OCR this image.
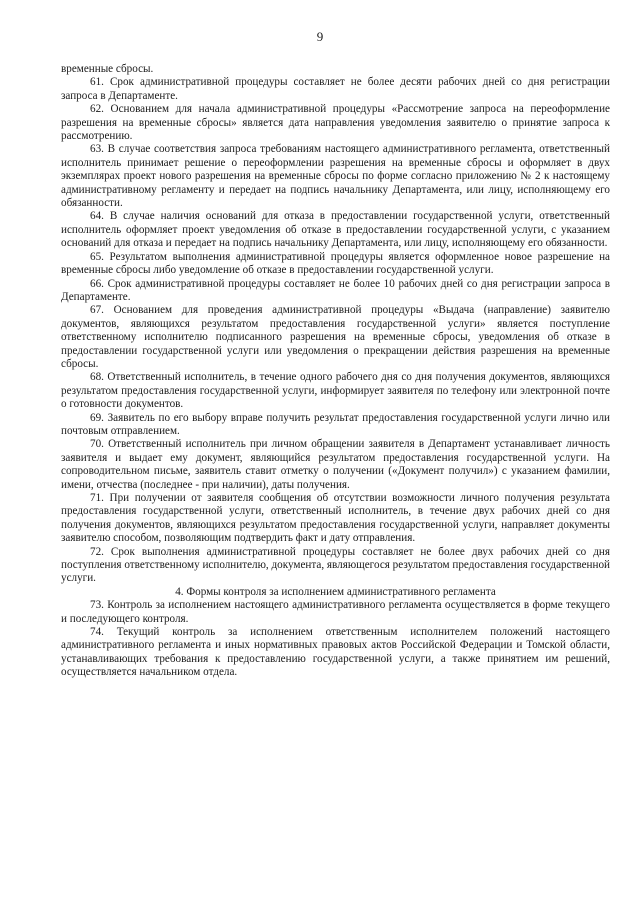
9

временные сбросы.

61. Срок административной процедуры составляет не более десяти рабочих дней со дня регистрации запроса в Департаменте.

62. Основанием для начала административной процедуры «Рассмотрение запроса на переоформление разрешения на временные сбросы» является дата направления уведомления заявителю о принятие запроса к рассмотрению.

63. В случае соответствия запроса требованиям настоящего административного регламента, ответственный исполнитель принимает решение о переоформлении разрешения на временные сбросы и оформляет в двух экземплярах проект нового разрешения на временные сбросы по форме согласно приложению № 2 к настоящему административному регламенту и передает на подпись начальнику Департамента, или лицу, исполняющему его обязанности.

64. В случае наличия оснований для отказа в предоставлении государственной услуги, ответственный исполнитель оформляет проект уведомления об отказе в предоставлении государственной услуги, с указанием оснований для отказа и передает на подпись начальнику Департамента, или лицу, исполняющему его обязанности.

65. Результатом выполнения административной процедуры является оформленное новое разрешение на временные сбросы либо уведомление об отказе в предоставлении государственной услуги.

66. Срок административной процедуры составляет не более 10 рабочих дней со дня регистрации запроса в Департаменте.

67. Основанием для проведения административной процедуры «Выдача (направление) заявителю документов, являющихся результатом предоставления государственной услуги» является поступление ответственному исполнителю подписанного разрешения на временные сбросы, уведомления об отказе в предоставлении государственной услуги или уведомления о прекращении действия разрешения на временные сбросы.

68. Ответственный исполнитель, в течение одного рабочего дня со дня получения документов, являющихся результатом предоставления государственной услуги, информирует заявителя по телефону или электронной почте о готовности документов.

69. Заявитель по его выбору вправе получить результат предоставления государственной услуги лично или почтовым отправлением.

70. Ответственный исполнитель при личном обращении заявителя в Департамент устанавливает личность заявителя и выдает ему документ, являющийся результатом предоставления государственной услуги. На сопроводительном письме, заявитель ставит отметку о получении («Документ получил») с указанием фамилии, имени, отчества (последнее - при наличии), даты получения.

71. При получении от заявителя сообщения об отсутствии возможности личного получения результата предоставления государственной услуги, ответственный исполнитель, в течение двух рабочих дней со дня получения документов, являющихся результатом предоставления государственной услуги, направляет документы заявителю способом, позволяющим подтвердить факт и дату отправления.

72. Срок выполнения административной процедуры составляет не более двух рабочих дней со дня поступления ответственному исполнителю, документа, являющегося результатом предоставления государственной услуги.

4. Формы контроля за исполнением административного регламента

73. Контроль за исполнением настоящего административного регламента осуществляется в форме текущего и последующего контроля.

74. Текущий контроль за исполнением ответственным исполнителем положений настоящего административного регламента и иных нормативных правовых актов Российской Федерации и Томской области, устанавливающих требования к предоставлению государственной услуги, а также принятием им решений, осуществляется начальником отдела.
